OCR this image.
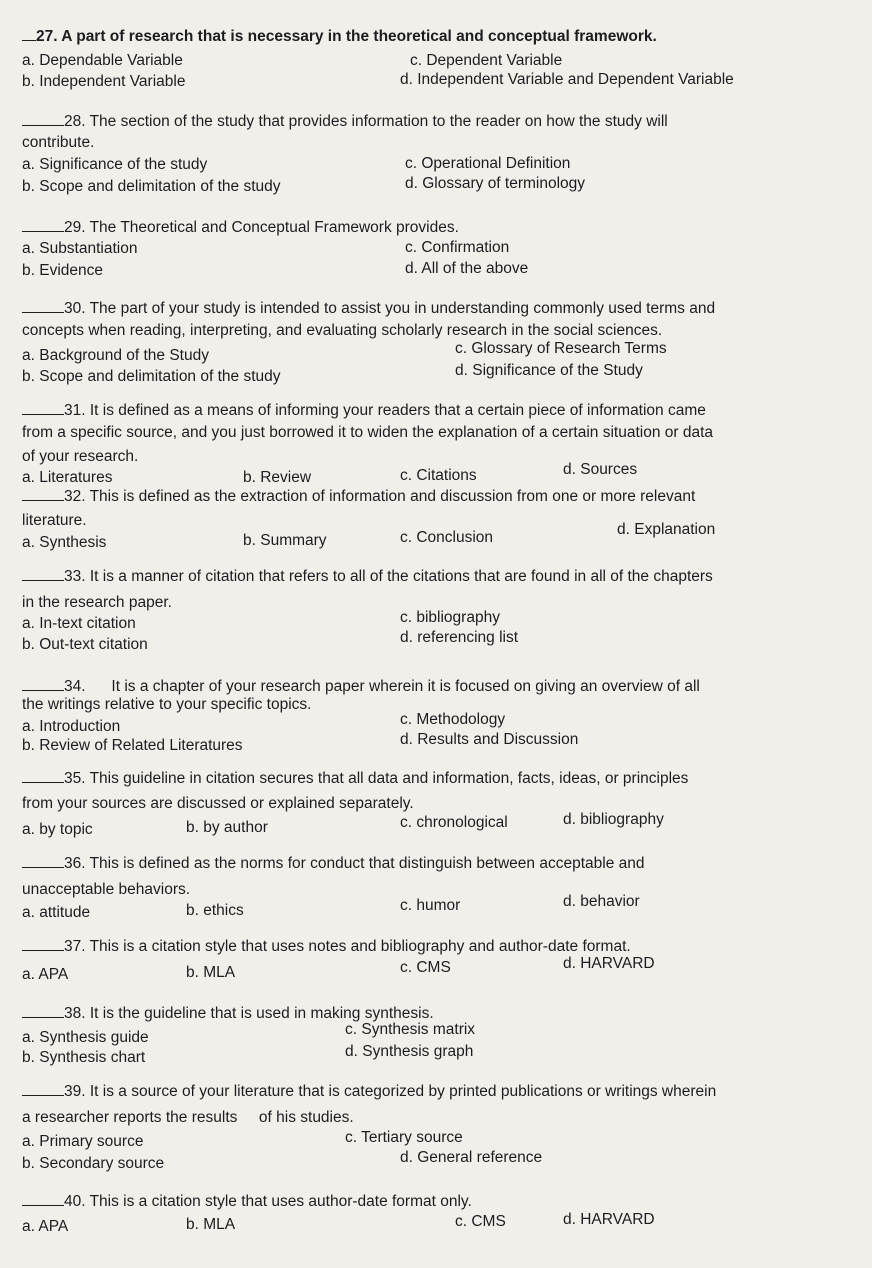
27. A part of research that is necessary in the theoretical and conceptual framework.
a. Dependable Variable
b. Independent Variable
c. Dependent Variable
d. Independent Variable and Dependent Variable
28. The section of the study that provides information to the reader on how the study will
contribute.
a. Significance of the study
b. Scope and delimitation of the study
c. Operational Definition
d. Glossary of terminology
29. The Theoretical and Conceptual Framework provides.
a. Substantiation
b. Evidence
c. Confirmation
d. All of the above
30. The part of your study is intended to assist you in understanding commonly used terms and
concepts when reading, interpreting, and evaluating scholarly research in the social sciences.
a. Background of the Study
b. Scope and delimitation of the study
c. Glossary of Research Terms
d. Significance of the Study
31. It is defined as a means of informing your readers that a certain piece of information came
from a specific source, and you just borrowed it to widen the explanation of a certain situation or data
of your research.
a. Literatures	b. Review	c. Citations	d. Sources
32. This is defined as the extraction of information and discussion from one or more relevant
literature.
a. Synthesis	b. Summary	c. Conclusion	d. Explanation
33. It is a manner of citation that refers to all of the citations that are found in all of the chapters
in the research paper.
a. In-text citation
b. Out-text citation
c. bibliography
d. referencing list
34. It is a chapter of your research paper wherein it is focused on giving an overview of all
the writings relative to your specific topics.
a. Introduction
b. Review of Related Literatures
c. Methodology
d. Results and Discussion
35. This guideline in citation secures that all data and information, facts, ideas, or principles
from your sources are discussed or explained separately.
a. by topic	b. by author	c. chronological	d. bibliography
36. This is defined as the norms for conduct that distinguish between acceptable and
unacceptable behaviors.
a. attitude	b. ethics	c. humor	d. behavior
37. This is a citation style that uses notes and bibliography and author-date format.
a. APA	b. MLA	c. CMS	d. HARVARD
38. It is the guideline that is used in making synthesis.
a. Synthesis guide
b. Synthesis chart
c. Synthesis matrix
d. Synthesis graph
39. It is a source of your literature that is categorized by printed publications or writings wherein
a researcher reports the results     of his studies.
a. Primary source
b. Secondary source
c. Tertiary source
d. General reference
40. This is a citation style that uses author-date format only.
a. APA	b. MLA	c. CMS	d. HARVARD
